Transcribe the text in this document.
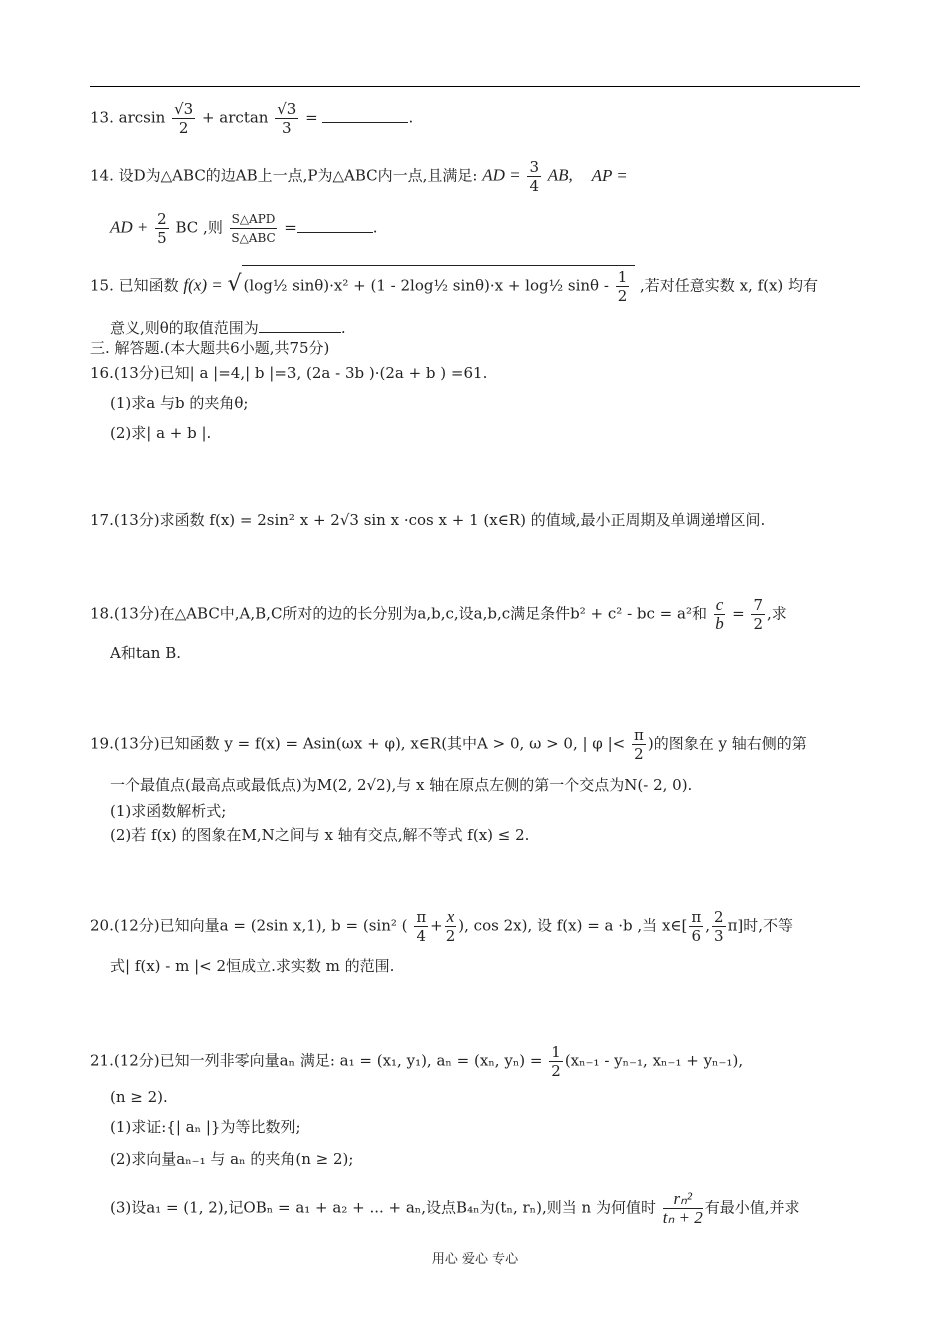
13. $\arcsin \frac{√3}{2} + \arctan \frac{√3}{3}$ =	.
14. 设D为△ABC的边AB上一点,P为△ABC内一点,且满足: AD = $\frac{3}{4}$ AB, AP =
AD + $\frac{2}{5}$ BC ,则 $\frac{\text{S△APD}}{\text{S△ABC}}$ =	.
15. 已知函数 f(x) = √ (log½ sinθ)·x² + (1 - 2log½ sinθ)·x + log½ sinθ - $\frac{1}{2}$ ,若对任意实数 x, f(x) 均有
意义,则θ的取值范围为	.
三. 解答题.(本大题共6小题,共75分)
16.(13分)已知| a |=4,| b |=3, (2a - 3b )·(2a + b ) =61.
(1)求a 与b 的夹角θ;
(2)求| a + b |.
17.(13分)求函数 f(x) = 2sin² x + 2√3 sin x ·cos x + 1 (x∈R) 的值域,最小正周期及单调递增区间.
18.(13分)在△ABC中,A,B,C所对的边的长分别为a,b,c,设a,b,c满足条件b² + c² - bc = a²和 $\frac{c}{b} = \frac{7}{2}$ ,求
A和tan B.
19.(13分)已知函数 y = f(x) = Asin(ωx + φ), x∈R(其中A > 0, ω > 0, | φ |< $\frac{\pi}{2}$ )的图象在 y 轴右侧的第
一个最值点(最高点或最低点)为M(2, 2√2),与 x 轴在原点左侧的第一个交点为N(- 2, 0).
(1)求函数解析式;
(2)若 f(x) 的图象在M,N之间与 x 轴有交点,解不等式 f(x) ≤ 2.
20.(12分)已知向量a = (2sin x,1), b = (sin² ( $\frac{\pi}{4} + \frac{x}{2}$ ), cos 2x), 设 f(x) = a ·b ,当 x∈[ $\frac{\pi}{6}$ , $\frac{2}{3} \pi$]时,不等
式| f(x) - m |< 2恒成立.求实数 m 的范围.
21.(12分)已知一列非零向量aₙ 满足: a₁ = (x₁, y₁), aₙ = (xₙ, $y_n) = \frac{1}{2} (x_{n-1} - y_{n-1}$, xₙ₋₁ + yₙ₋₁),
(n ≥ 2).
(1)求证:{| aₙ |}为等比数列;
(2)求向量aₙ₋₁ 与 aₙ 的夹角(n ≥ 2);
(3)设a₁ = (1, 2),记OBₙ = a₁ + a₂ + ... + aₙ,设点B₄ₙ为(tₙ, rₙ),则当 n 为何值时 $\frac{\text{rₙ²}}{\text{tₙ + 2}}$ 有最小值,并求
用心 爱心 专心
